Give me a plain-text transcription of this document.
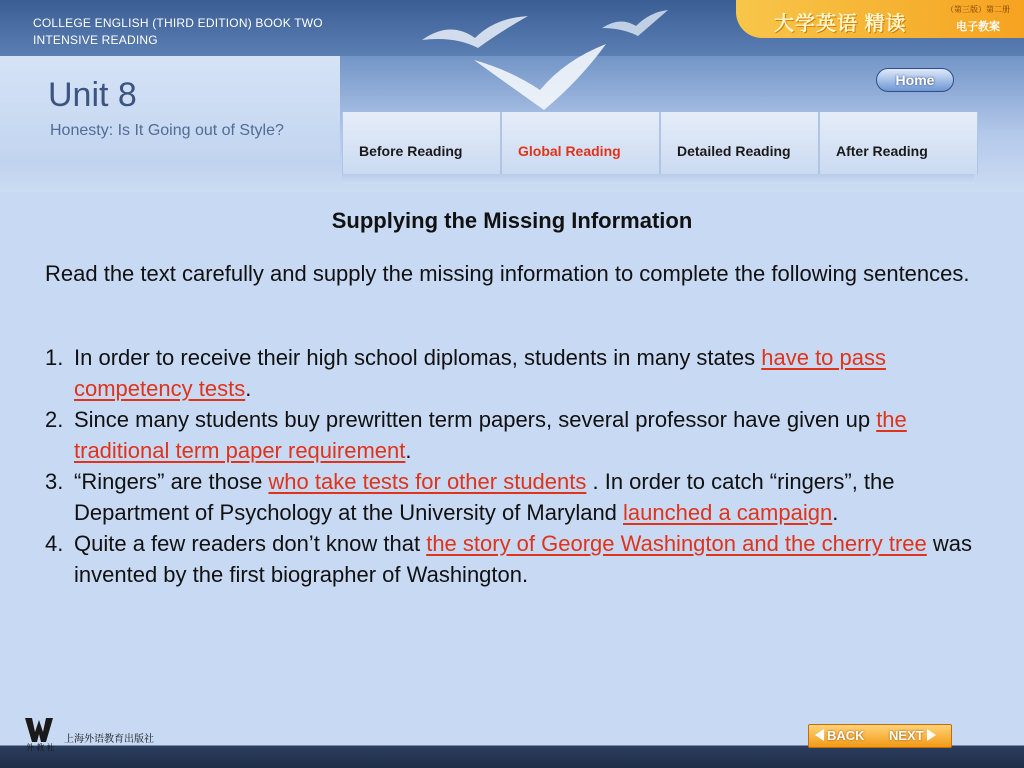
COLLEGE ENGLISH (THIRD EDITION) BOOK TWO
INTENSIVE READING
大学英语 精读
（第三版）第二册
电子教案
Unit 8
Honesty: Is It Going out of Style?
Home
Before Reading	Global Reading	Detailed Reading	After Reading
Supplying the Missing Information
Read the text carefully and supply the missing information to complete the following sentences.
1. In order to receive their high school diplomas, students in many states have to pass competency tests.
2. Since many students buy prewritten term papers, several professor have given up the traditional term paper requirement.
3. “Ringers” are those who take tests for other students . In order to catch “ringers”, the Department of Psychology at the University of Maryland launched a campaign.
4. Quite a few readers don’t know that the story of George Washington and the cherry tree was invented by the first biographer of Washington.
外 教 社
上海外语教育出版社	BACK NEXT
